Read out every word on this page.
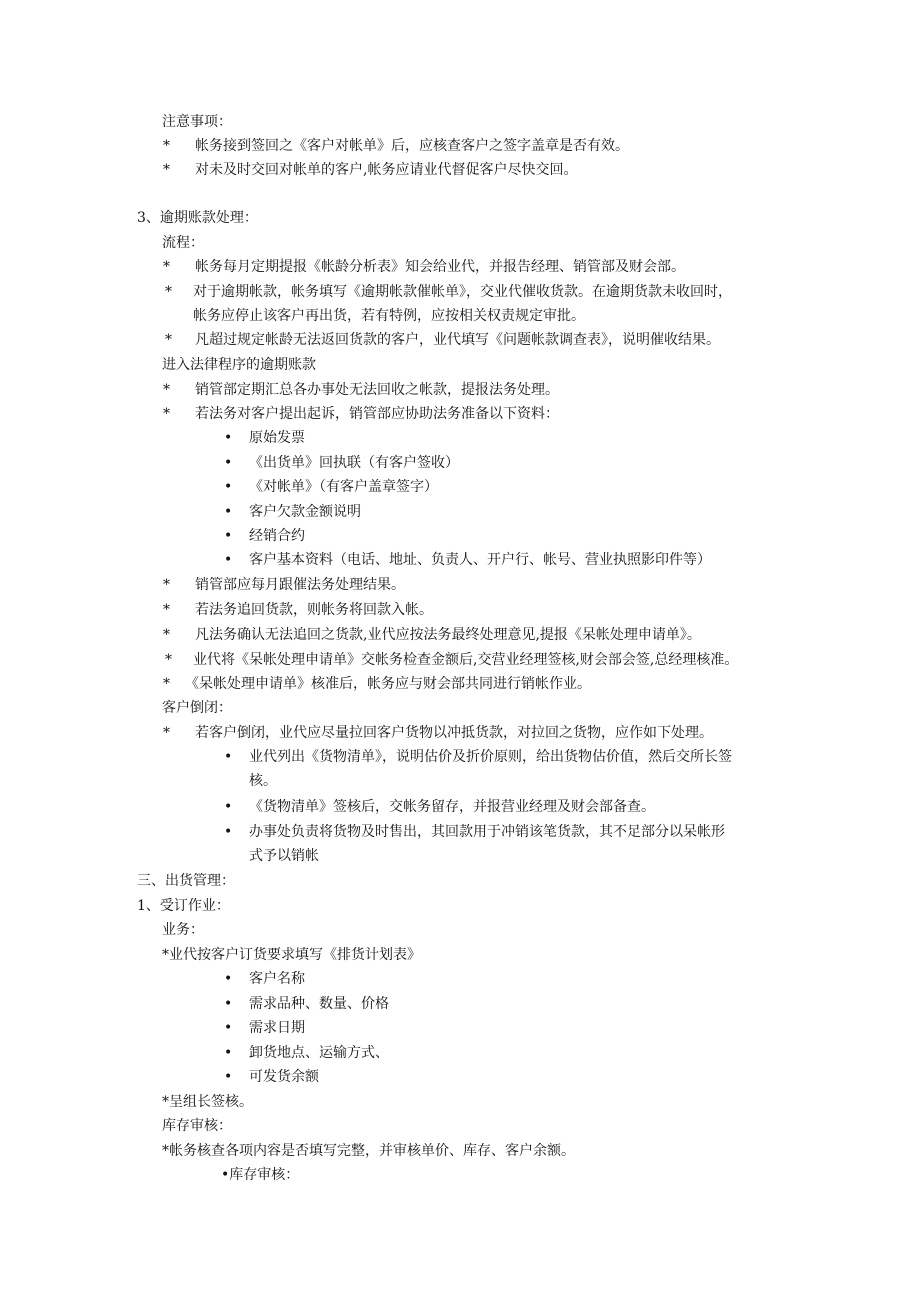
注意事项：
* 帐务接到签回之《客户对帐单》后，应核查客户之签字盖章是否有效。
* 对未及时交回对帐单的客户,帐务应请业代督促客户尽快交回。
3、逾期账款处理：
流程：
* 帐务每月定期提报《帐龄分析表》知会给业代，并报告经理、销管部及财会部。
* 对于逾期帐款，帐务填写《逾期帐款催帐单》，交业代催收货款。在逾期货款未收回时，
帐务应停止该客户再出货，若有特例，应按相关权责规定审批。
* 凡超过规定帐龄无法返回货款的客户，业代填写《问题帐款调查表》，说明催收结果。
进入法律程序的逾期账款
* 销管部定期汇总各办事处无法回收之帐款，提报法务处理。
* 若法务对客户提出起诉，销管部应协助法务准备以下资料：
• 原始发票
• 《出货单》回执联（有客户签收）
• 《对帐单》（有客户盖章签字）
• 客户欠款金额说明
• 经销合约
• 客户基本资料（电话、地址、负责人、开户行、帐号、营业执照影印件等）
* 销管部应每月跟催法务处理结果。
* 若法务追回货款，则帐务将回款入帐。
* 凡法务确认无法追回之货款,业代应按法务最终处理意见,提报《呆帐处理申请单》。
* 业代将《呆帐处理申请单》交帐务检查金额后,交营业经理签核,财会部会签,总经理核准。
* 《呆帐处理申请单》核准后，帐务应与财会部共同进行销帐作业。
客户倒闭：
* 若客户倒闭，业代应尽量拉回客户货物以冲抵货款，对拉回之货物，应作如下处理。
• 业代列出《货物清单》，说明估价及折价原则，给出货物估价值，然后交所长签
核。
• 《货物清单》签核后，交帐务留存，并报营业经理及财会部备查。
• 办事处负责将货物及时售出，其回款用于冲销该笔货款，其不足部分以呆帐形
式予以销帐
三、出货管理：
1、受订作业：
业务：
*业代按客户订货要求填写《排货计划表》
• 客户名称
• 需求品种、数量、价格
• 需求日期
• 卸货地点、运输方式、
• 可发货余额
*呈组长签核。
库存审核：
*帐务核查各项内容是否填写完整，并审核单价、库存、客户余额。
•库存审核：
